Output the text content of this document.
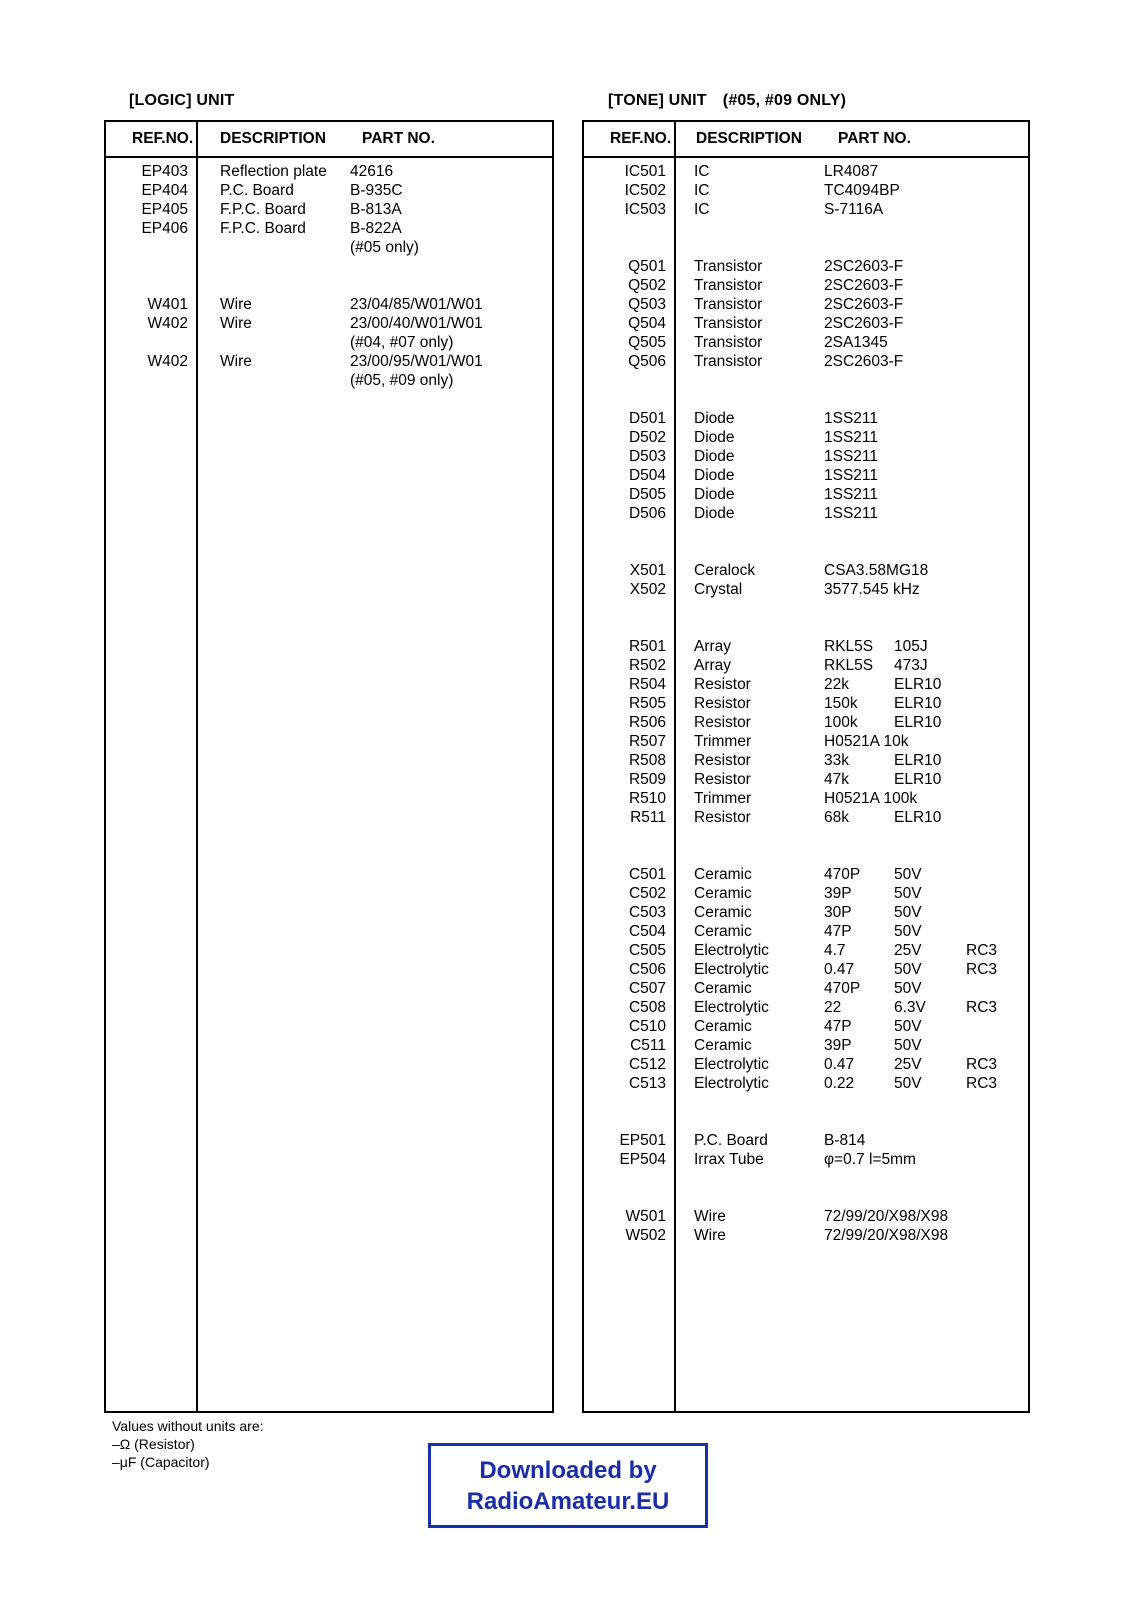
[LOGIC] UNIT	[TONE] UNIT (#05, #09 ONLY)
REF.NO. DESCRIPTION PART NO.
EP403 Reflection plate 42616
EP404 P.C. Board	B-935C
EP405 F.P.C. Board	B-813A
EP406 F.P.C. Board	B-822A
(#05 only)
W401 Wire	23/04/85/W01/W01
W402 Wire	23/00/40/W01/W01
(#04, #07 only)
W402 Wire	23/00/95/W01/W01
(#05, #09 only)
REF.NO. DESCRIPTION PART NO.
IC501 IC	LR4087
IC502 IC	TC4094BP
IC503 IC	S-7116A
Q501 Transistor	2SC2603-F
Q502 Transistor	2SC2603-F
Q503 Transistor	2SC2603-F
Q504 Transistor	2SC2603-F
Q505 Transistor	2SA1345
Q506 Transistor	2SC2603-F
D501 Diode	1SS211
D502 Diode	1SS211
D503 Diode	1SS211
D504 Diode	1SS211
D505 Diode	1SS211
D506 Diode	1SS211
X501 Ceralock	CSA3.58MG18
X502 Crystal	3577.545 kHz
R501 Array	RKL5S 105J
R502 Array	RKL5S 473J
R504 Resistor	22k	ELR10
R505 Resistor	150k ELR10
R506 Resistor	100k ELR10
R507 Trimmer	H0521A 10k
R508 Resistor	33k	ELR10
R509 Resistor	47k	ELR10
R510 Trimmer	H0521A 100k
R511 Resistor	68k	ELR10
C501 Ceramic	470P 50V
C502 Ceramic	39P	50V
C503 Ceramic	30P	50V
C504 Ceramic	47P	50V
C505 Electrolytic	4.7	25V	RC3
C506 Electrolytic	0.47	50V	RC3
C507 Ceramic	470P 50V
C508 Electrolytic	22	6.3V	RC3
C510 Ceramic	47P	50V
C511 Ceramic	39P	50V
C512 Electrolytic	0.47	25V	RC3
C513 Electrolytic	0.22	50V	RC3
EP501 P.C. Board	B-814
EP504 Irrax Tube	φ=0.7 l=5mm
W501 Wire	72/99/20/X98/X98
W502 Wire	72/99/20/X98/X98
Values without units are:
–Ω (Resistor)
–μF (Capacitor)	Downloaded by
RadioAmateur.EU
